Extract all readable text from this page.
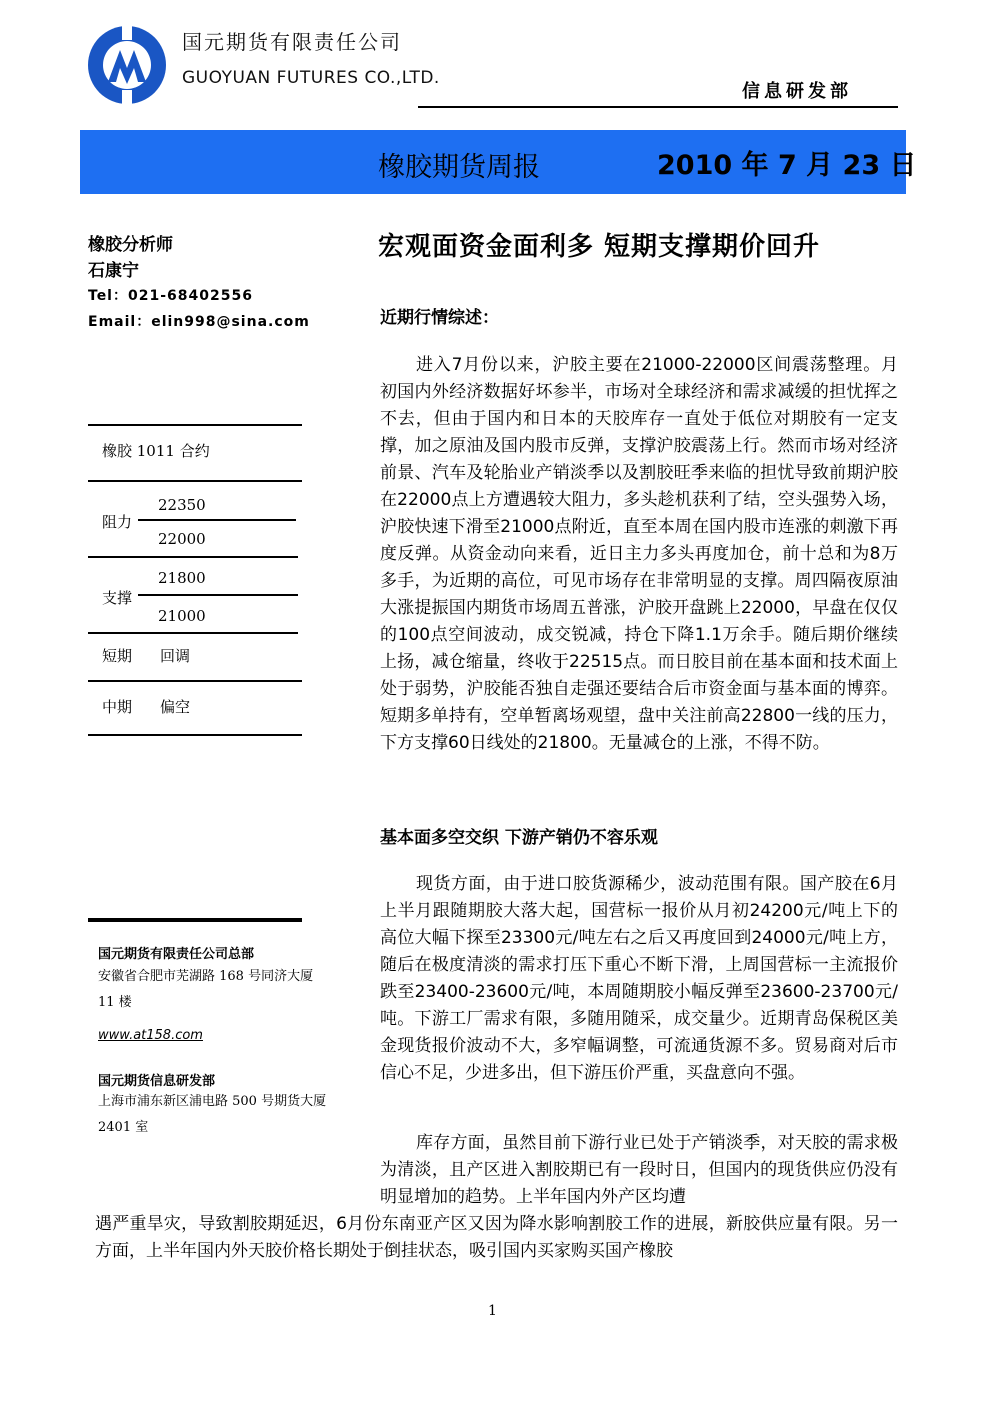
国元期货有限责任公司
GUOYUAN FUTURES CO.,LTD.
信息研发部
橡胶期货周报	2010 年 7 月 23 日
橡胶分析师
石康宁
Tel：021-68402556
Email：elin998@sina.com
橡胶 1011 合约
22350
阻力
22000
21800
支撑
21000
短期 回调
中期 偏空
国元期货有限责任公司总部
安徽省合肥市芜湖路 168 号同济大厦 11 楼
www.at158.com
国元期货信息研发部
上海市浦东新区浦电路 500 号期货大厦 2401 室
宏观面资金面利多 短期支撑期价回升
近期行情综述：
进入7月份以来，沪胶主要在21000-22000区间震荡整理。月初国内外经济数据好坏参半，市场对全球经济和需求减缓的担忧挥之不去，但由于国内和日本的天胶库存一直处于低位对期胶有一定支撑，加之原油及国内股市反弹，支撑沪胶震荡上行。然而市场对经济前景、汽车及轮胎业产销淡季以及割胶旺季来临的担忧导致前期沪胶在22000点上方遭遇较大阻力，多头趁机获利了结，空头强势入场，沪胶快速下滑至21000点附近，直至本周在国内股市连涨的刺激下再度反弹。从资金动向来看，近日主力多头再度加仓，前十总和为8万多手，为近期的高位，可见市场存在非常明显的支撑。周四隔夜原油大涨提振国内期货市场周五普涨，沪胶开盘跳上22000，早盘在仅仅的100点空间波动，成交锐减，持仓下降1.1万余手。随后期价继续上扬，减仓缩量，终收于22515点。而日胶目前在基本面和技术面上处于弱势，沪胶能否独自走强还要结合后市资金面与基本面的博弈。短期多单持有，空单暂离场观望，盘中关注前高22800一线的压力，下方支撑60日线处的21800。无量减仓的上涨，不得不防。
基本面多空交织 下游产销仍不容乐观
现货方面，由于进口胶货源稀少，波动范围有限。国产胶在6月上半月跟随期胶大落大起，国营标一报价从月初24200元/吨上下的高位大幅下探至23300元/吨左右之后又再度回到24000元/吨上方，随后在极度清淡的需求打压下重心不断下滑，上周国营标一主流报价跌至23400-23600元/吨，本周随期胶小幅反弹至23600-23700元/吨。下游工厂需求有限，多随用随采，成交量少。近期青岛保税区美金现货报价波动不大，多窄幅调整，可流通货源不多。贸易商对后市信心不足，少进多出，但下游压价严重，买盘意向不强。
库存方面，虽然目前下游行业已处于产销淡季，对天胶的需求极为清淡，且产区进入割胶期已有一段时日，但国内的现货供应仍没有明显增加的趋势。上半年国内外产区均遭
遇严重旱灾，导致割胶期延迟，6月份东南亚产区又因为降水影响割胶工作的进展，新胶供应量有限。另一方面，上半年国内外天胶价格长期处于倒挂状态，吸引国内买家购买国产橡胶
1
